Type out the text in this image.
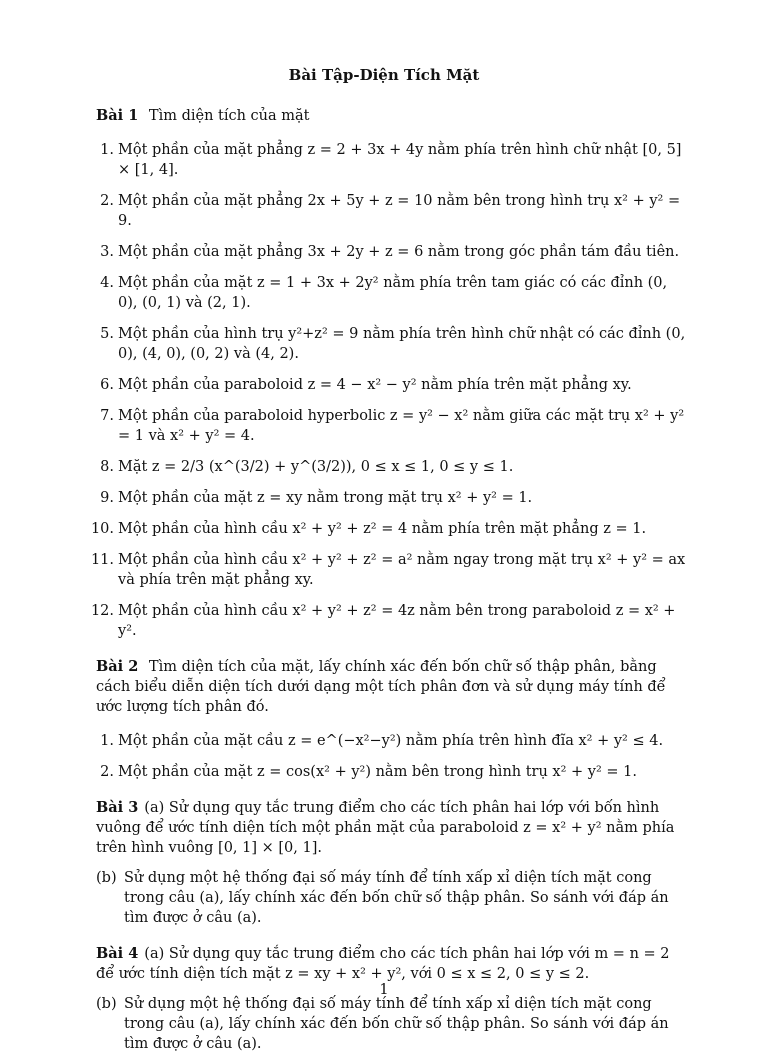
Bài Tập-Diện Tích Mặt
Bài 1 Tìm diện tích của mặt
1. Một phần của mặt phẳng z = 2 + 3x + 4y nằm phía trên hình chữ nhật [0, 5] × [1, 4].
2. Một phần của mặt phẳng 2x + 5y + z = 10 nằm bên trong hình trụ x² + y² = 9.
3. Một phần của mặt phẳng 3x + 2y + z = 6 nằm trong góc phần tám đầu tiên.
4. Một phần của mặt z = 1 + 3x + 2y² nằm phía trên tam giác có các đỉnh (0, 0), (0, 1) và (2, 1).
5. Một phần của hình trụ y²+z² = 9 nằm phía trên hình chữ nhật có các đỉnh (0, 0), (4, 0), (0, 2) và (4, 2).
6. Một phần của paraboloid z = 4 − x² − y² nằm phía trên mặt phẳng xy.
7. Một phần của paraboloid hyperbolic z = y² − x² nằm giữa các mặt trụ x² + y² = 1 và x² + y² = 4.
8. Mặt z = 2/3 (x^(3/2) + y^(3/2)), 0 ≤ x ≤ 1, 0 ≤ y ≤ 1.
9. Một phần của mặt z = xy nằm trong mặt trụ x² + y² = 1.
10. Một phần của hình cầu x² + y² + z² = 4 nằm phía trên mặt phẳng z = 1.
11. Một phần của hình cầu x² + y² + z² = a² nằm ngay trong mặt trụ x² + y² = ax và phía trên mặt phẳng xy.
12. Một phần của hình cầu x² + y² + z² = 4z nằm bên trong paraboloid z = x² + y².
Bài 2 Tìm diện tích của mặt, lấy chính xác đến bốn chữ số thập phân, bằng cách biểu diễn diện tích dưới dạng một tích phân đơn và sử dụng máy tính để ước lượng tích phân đó.
1. Một phần của mặt cầu z = e^(−x²−y²) nằm phía trên hình đĩa x² + y² ≤ 4.
2. Một phần của mặt z = cos(x² + y²) nằm bên trong hình trụ x² + y² = 1.
Bài 3 (a) Sử dụng quy tắc trung điểm cho các tích phân hai lớp với bốn hình vuông để ước tính diện tích một phần mặt của paraboloid z = x² + y² nằm phía trên hình vuông [0, 1] × [0, 1].
(b) Sử dụng một hệ thống đại số máy tính để tính xấp xỉ diện tích mặt cong trong câu (a), lấy chính xác đến bốn chữ số thập phân. So sánh với đáp án tìm được ở câu (a).
Bài 4 (a) Sử dụng quy tắc trung điểm cho các tích phân hai lớp với m = n = 2 để ước tính diện tích mặt z = xy + x² + y², với 0 ≤ x ≤ 2, 0 ≤ y ≤ 2.
(b) Sử dụng một hệ thống đại số máy tính để tính xấp xỉ diện tích mặt cong trong câu (a), lấy chính xác đến bốn chữ số thập phân. So sánh với đáp án tìm được ở câu (a).
1
